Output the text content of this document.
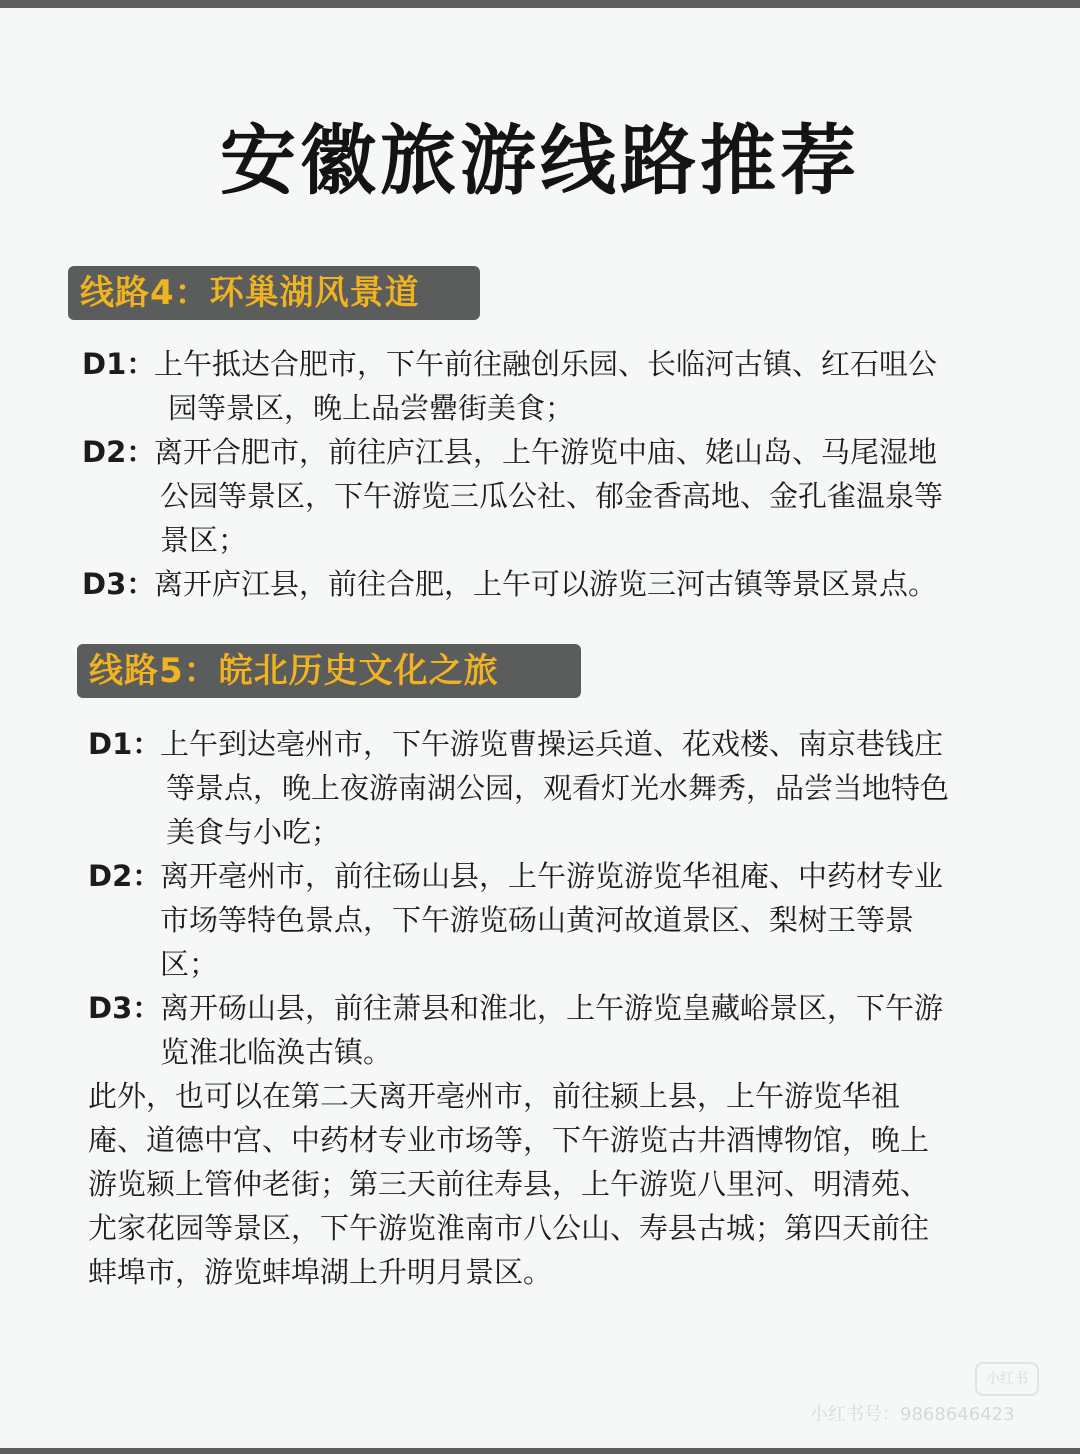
安徽旅游线路推荐
线路4：环巢湖风景道
D1：
上午抵达合肥市，下午前往融创乐园、长临河古镇、红石咀公
园等景区，晚上品尝罍街美食；
D2：
离开合肥市，前往庐江县，上午游览中庙、姥山岛、马尾湿地
公园等景区，下午游览三瓜公社、郁金香高地、金孔雀温泉等
景区；
D3：
离开庐江县，前往合肥，上午可以游览三河古镇等景区景点。
线路5：皖北历史文化之旅
D1：
上午到达亳州市，下午游览曹操运兵道、花戏楼、南京巷钱庄
等景点，晚上夜游南湖公园，观看灯光水舞秀，品尝当地特色
美食与小吃；
D2：
离开亳州市，前往砀山县，上午游览游览华祖庵、中药材专业
市场等特色景点，下午游览砀山黄河故道景区、梨树王等景
区；
D3：
离开砀山县，前往萧县和淮北，上午游览皇藏峪景区，下午游
览淮北临涣古镇。
此外，也可以在第二天离开亳州市，前往颍上县，上午游览华祖
庵、道德中宫、中药材专业市场等，下午游览古井酒博物馆，晚上
游览颍上管仲老街；第三天前往寿县，上午游览八里河、明清苑、
尤家花园等景区，下午游览淮南市八公山、寿县古城；第四天前往
蚌埠市，游览蚌埠湖上升明月景区。
小红书
小红书号：9868646423
